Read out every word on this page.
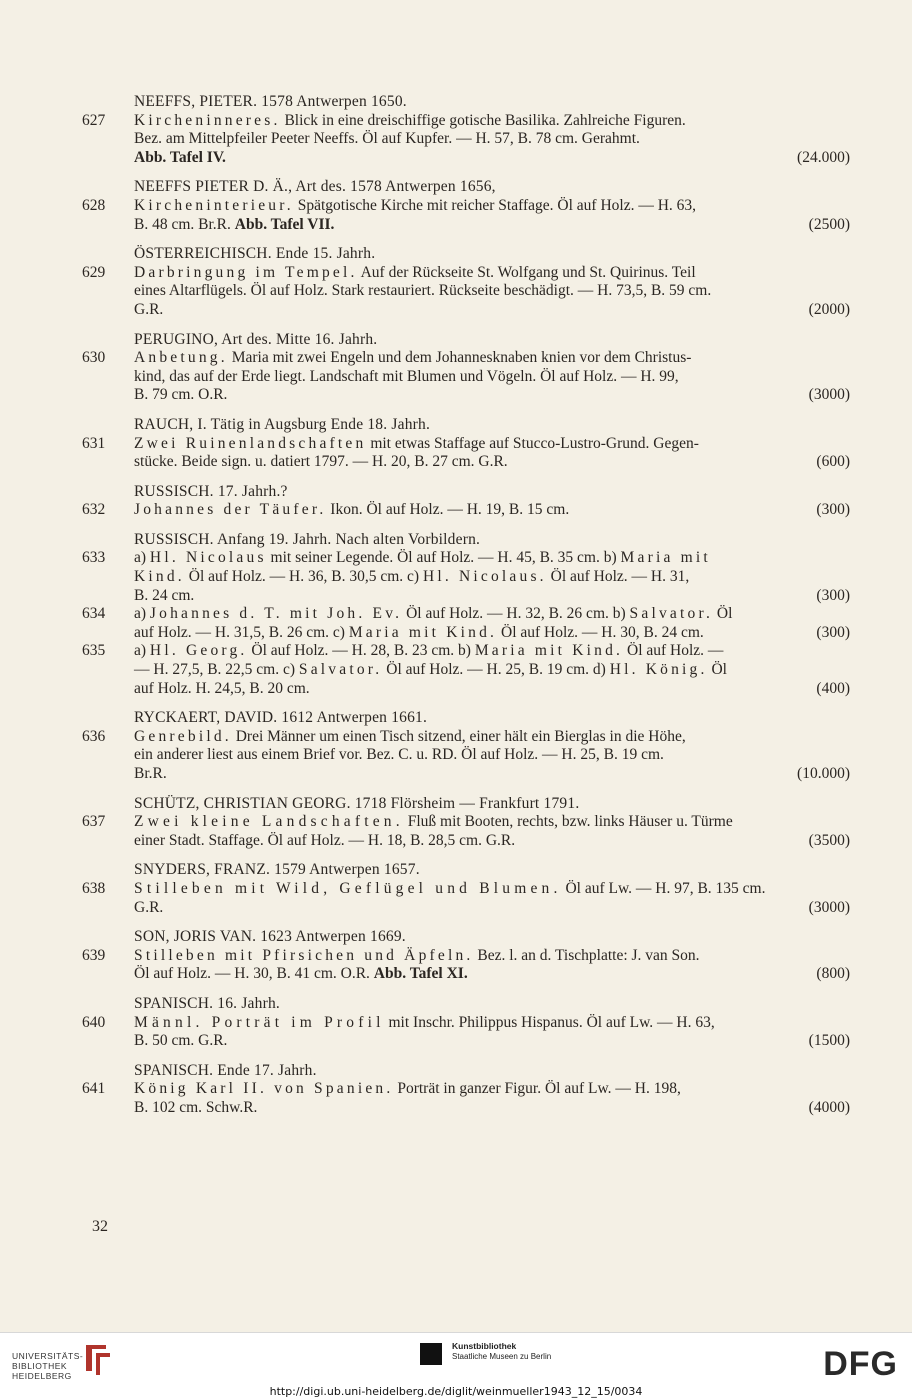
NEEFFS, PIETER. 1578 Antwerpen 1650.
627 Kircheninneres. Blick in eine dreischiffige gotische Basilika. Zahlreiche Figuren.
Bez. am Mittelpfeiler Peeter Neeffs. Öl auf Kupfer. — H. 57, B. 78 cm. Gerahmt.
Abb. Tafel IV.	(24.000)
NEEFFS PIETER D. Ä., Art des. 1578 Antwerpen 1656,
628 Kircheninterieur. Spätgotische Kirche mit reicher Staffage. Öl auf Holz. — H. 63,
B. 48 cm. Br.R. Abb. Tafel VII.	(2500)
ÖSTERREICHISCH. Ende 15. Jahrh.
629 Darbringung im Tempel. Auf der Rückseite St. Wolfgang und St. Quirinus. Teil
eines Altarflügels. Öl auf Holz. Stark restauriert. Rückseite beschädigt. — H. 73,5, B. 59 cm.
G.R.	(2000)
PERUGINO, Art des. Mitte 16. Jahrh.
630 Anbetung. Maria mit zwei Engeln und dem Johannesknaben knien vor dem Christus-
kind, das auf der Erde liegt. Landschaft mit Blumen und Vögeln. Öl auf Holz. — H. 99,
B. 79 cm. O.R.	(3000)
RAUCH, I. Tätig in Augsburg Ende 18. Jahrh.
631 Zwei Ruinenlandschaften mit etwas Staffage auf Stucco-Lustro-Grund. Gegen-
stücke. Beide sign. u. datiert 1797. — H. 20, B. 27 cm. G.R.	(600)
RUSSISCH. 17. Jahrh.?
632 Johannes der Täufer. Ikon. Öl auf Holz. — H. 19, B. 15 cm.	(300)
RUSSISCH. Anfang 19. Jahrh. Nach alten Vorbildern.
633 a) Hl. Nicolaus mit seiner Legende. Öl auf Holz. — H. 45, B. 35 cm. b) Maria mit
Kind. Öl auf Holz. — H. 36, B. 30,5 cm. c) Hl. Nicolaus. Öl auf Holz. — H. 31,
B. 24 cm.	(300)
634 a) Johannes d. T. mit Joh. Ev. Öl auf Holz. — H. 32, B. 26 cm. b) Salvator. Öl
auf Holz. — H. 31,5, B. 26 cm. c) Maria mit Kind. Öl auf Holz. — H. 30, B. 24 cm.	(300)
635 a) Hl. Georg. Öl auf Holz. — H. 28, B. 23 cm. b) Maria mit Kind. Öl auf Holz. —
— H. 27,5, B. 22,5 cm. c) Salvator. Öl auf Holz. — H. 25, B. 19 cm. d) Hl. König. Öl
auf Holz. H. 24,5, B. 20 cm.	(400)
RYCKAERT, DAVID. 1612 Antwerpen 1661.
636 Genrebild. Drei Männer um einen Tisch sitzend, einer hält ein Bierglas in die Höhe,
ein anderer liest aus einem Brief vor. Bez. C. u. RD. Öl auf Holz. — H. 25, B. 19 cm.
Br.R.	(10.000)
SCHÜTZ, CHRISTIAN GEORG. 1718 Flörsheim — Frankfurt 1791.
637 Zwei kleine Landschaften. Fluß mit Booten, rechts, bzw. links Häuser u. Türme
einer Stadt. Staffage. Öl auf Holz. — H. 18, B. 28,5 cm. G.R.	(3500)
SNYDERS, FRANZ. 1579 Antwerpen 1657.
638 Stilleben mit Wild, Geflügel und Blumen. Öl auf Lw. — H. 97, B. 135 cm.
G.R.	(3000)
SON, JORIS VAN. 1623 Antwerpen 1669.
639 Stilleben mit Pfirsichen und Äpfeln. Bez. l. an d. Tischplatte: J. van Son.
Öl auf Holz. — H. 30, B. 41 cm. O.R. Abb. Tafel XI.	(800)
SPANISCH. 16. Jahrh.
640 Männl. Porträt im Profil mit Inschr. Philippus Hispanus. Öl auf Lw. — H. 63,
B. 50 cm. G.R.	(1500)
SPANISCH. Ende 17. Jahrh.
641 König Karl II. von Spanien. Porträt in ganzer Figur. Öl auf Lw. — H. 198,
B. 102 cm. Schw.R.	(4000)
32
UNIVERSITÄTS-
BIBLIOTHEK
HEIDELBERG
Kunstbibliothek
Staatliche Museen zu Berlin	DFG
http://digi.ub.uni-heidelberg.de/diglit/weinmueller1943_12_15/0034
